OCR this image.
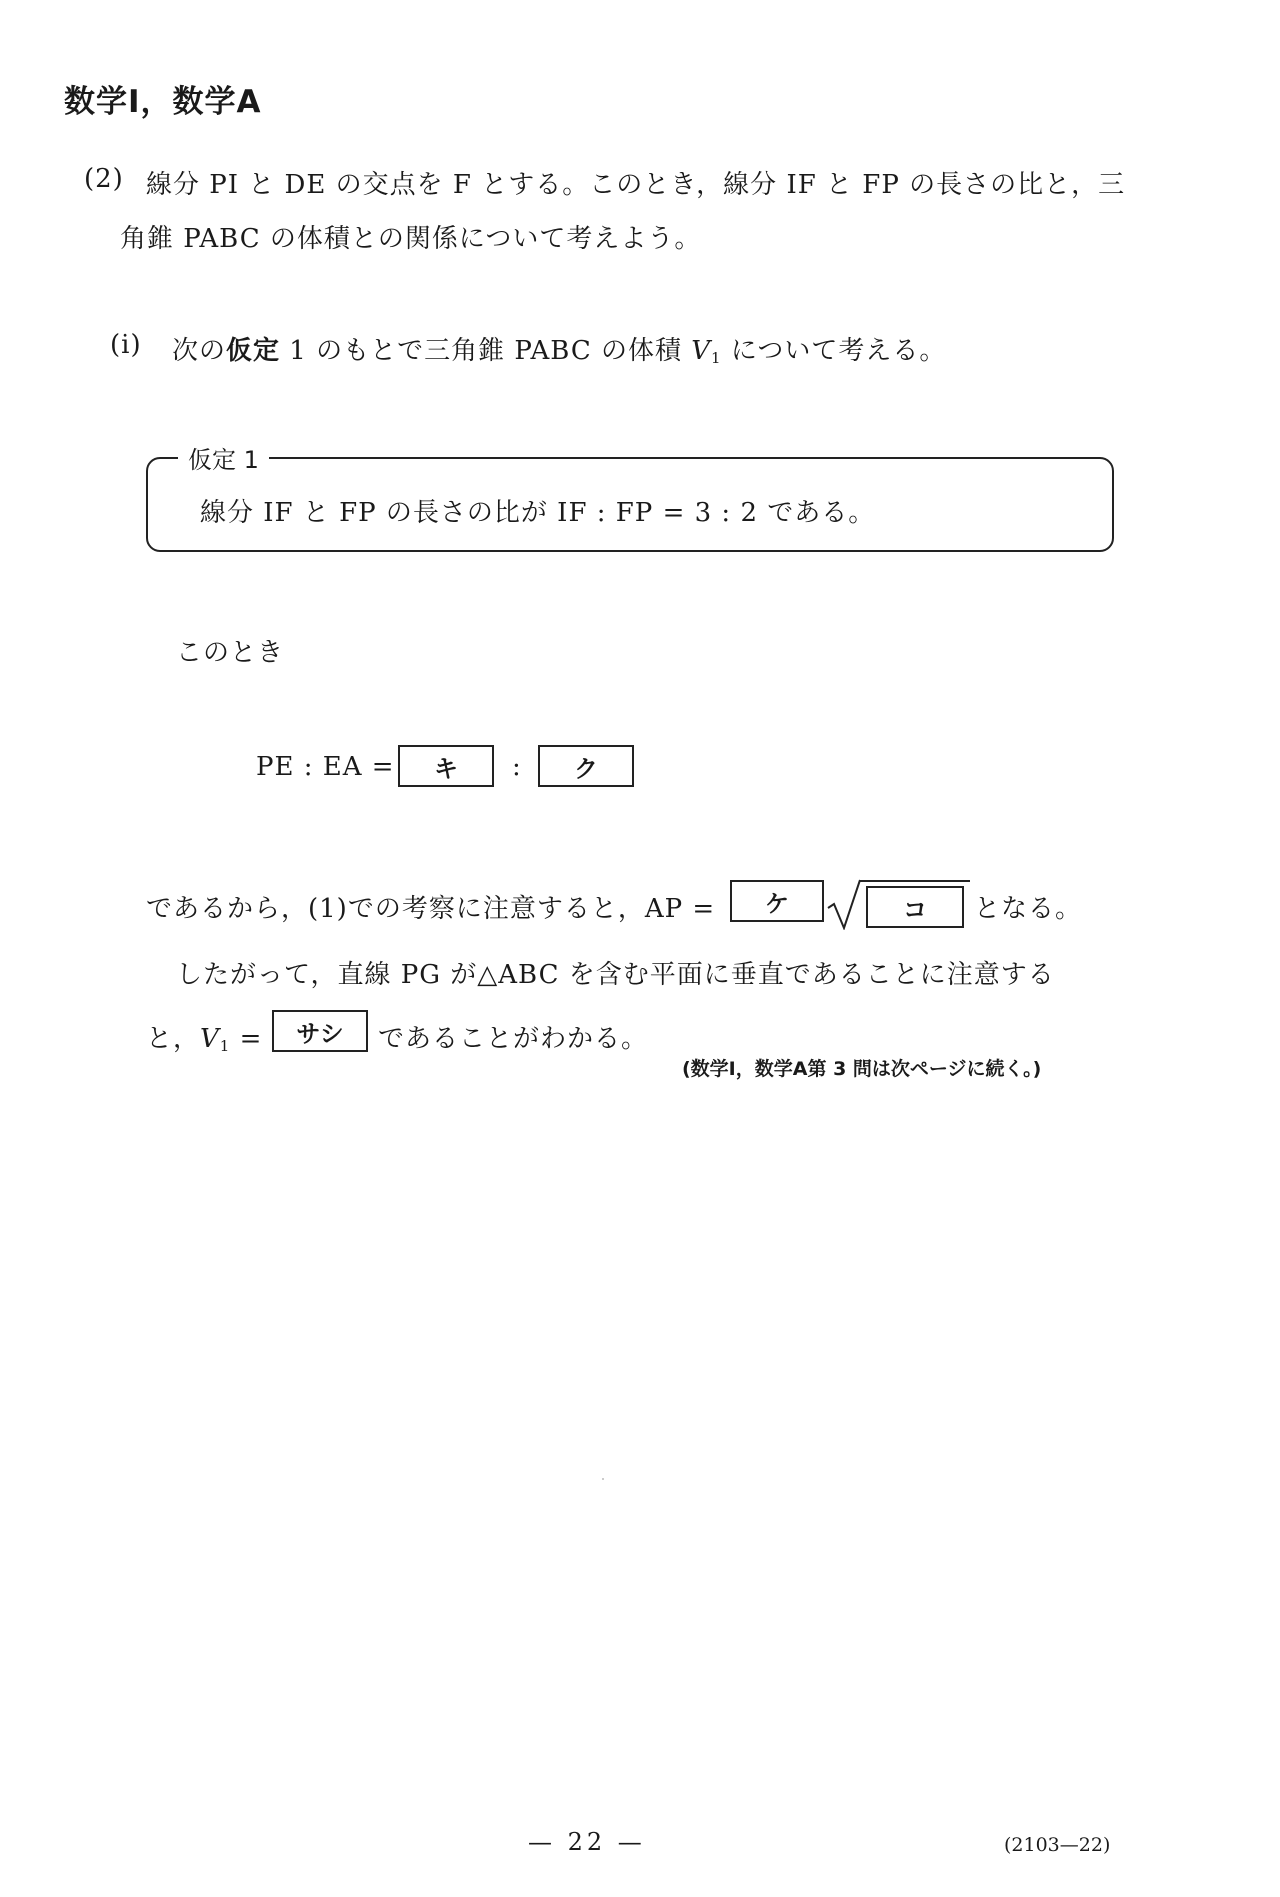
数学Ⅰ，数学A
(2) 線分 PI と DE の交点を F とする。このとき，線分 IF と FP の長さの比と，三
角錐 PABC の体積との関係について考えよう。
(i) 次の仮定 1 のもとで三角錐 PABC の体積 $V_1$ について考える。
仮定 1
線分 IF と FP の長さの比が IF : FP = 3 : 2 である。
このとき
PE : EA =	キ	:	ク
であるから，(1)での考察に注意すると，AP =	ケ	コ	となる。
したがって，直線 PG が△ABC を含む平面に垂直であることに注意する
と，$V_1$ =	サシ	であることがわかる。
(数学Ⅰ，数学A第 3 問は次ページに続く。)
— 22 —	(2103—22)
